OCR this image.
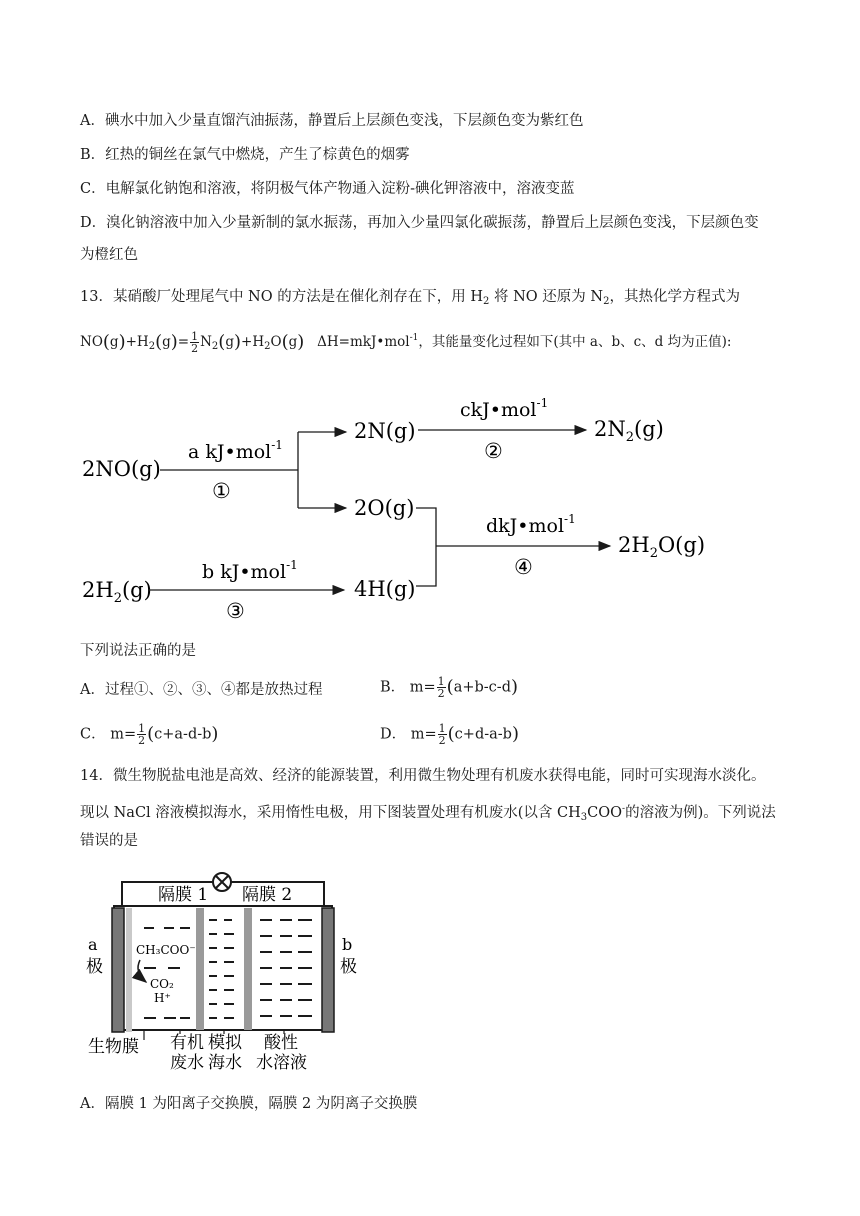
A．碘水中加入少量直馏汽油振荡，静置后上层颜色变浅，下层颜色变为紫红色
B．红热的铜丝在氯气中燃烧，产生了棕黄色的烟雾
C．电解氯化钠饱和溶液，将阴极气体产物通入淀粉-碘化钾溶液中，溶液变蓝
D．溴化钠溶液中加入少量新制的氯水振荡，再加入少量四氯化碳振荡，静置后上层颜色变浅，下层颜色变
为橙红色
13．某硝酸厂处理尾气中 NO 的方法是在催化剂存在下，用 $H_2$ 将 NO 还原为 $N_2$，其热化学方程式为
$NO(g)+H_2(g)= \frac{1}{2} N_2(g)+H_2O(g)$ ΔH=mkJ•mol$^{-1}$，其能量变化过程如下(其中 a、b、c、d 均为正值):
2NO(g)
a kJ•mol$^{-1}$
①
2N(g)
2O(g)
ckJ•mol$^{-1}$
②
$2N_2(g)$
$2H_2(g)$
b kJ•mol$^{-1}$
③
4H(g)
dkJ•mol$^{-1}$
④
$2H_2O(g)$
下列说法正确的是
A．过程①、②、③、④都是放热过程	B． $m= \frac{1}{2} (a+b-c-d)$
C． $m= \frac{1}{2} (c+a-d-b)$	D． $m= \frac{1}{2} (c+d-a-b)$
14．微生物脱盐电池是高效、经济的能源装置，利用微生物处理有机废水获得电能，同时可实现海水淡化。
现以 NaCl 溶液模拟海水，采用惰性电极，用下图装置处理有机废水(以含 $CH_3COO^-$的溶液为例)。下列说法
错误的是
隔膜 1 隔膜 2
a
极
b
极
CH₃COO⁻
CO₂
H⁺
生物膜 有机
废水
模拟
海水
酸性
水溶液
A．隔膜 1 为阳离子交换膜，隔膜 2 为阴离子交换膜
